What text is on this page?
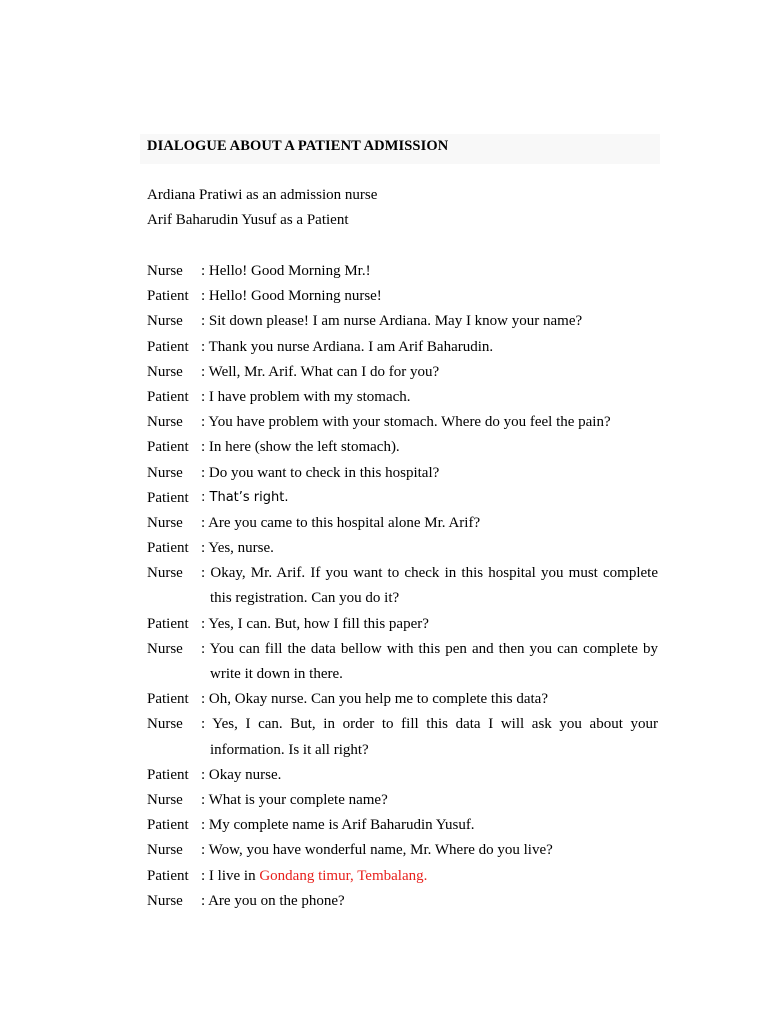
DIALOGUE ABOUT A PATIENT ADMISSION
Ardiana Pratiwi as an admission nurse
Arif Baharudin Yusuf as a Patient
Nurse : Hello! Good Morning Mr.!
Patient : Hello! Good Morning nurse!
Nurse : Sit down please! I am nurse Ardiana. May I know your name?
Patient : Thank you nurse Ardiana. I am Arif Baharudin.
Nurse : Well, Mr. Arif. What can I do for you?
Patient : I have problem with my stomach.
Nurse : You have problem with your stomach. Where do you feel the pain?
Patient : In here (show the left stomach).
Nurse : Do you want to check in this hospital?
Patient : That’s right.
Nurse : Are you came to this hospital alone Mr. Arif?
Patient : Yes, nurse.
Nurse : Okay, Mr. Arif. If you want to check in this hospital you must complete
this registration. Can you do it?
Patient : Yes, I can. But, how I fill this paper?
Nurse : You can fill the data bellow with this pen and then you can complete by
write it down in there.
Patient : Oh, Okay nurse. Can you help me to complete this data?
Nurse : Yes, I can. But, in order to fill this data I will ask you about your
information. Is it all right?
Patient : Okay nurse.
Nurse : What is your complete name?
Patient : My complete name is Arif Baharudin Yusuf.
Nurse : Wow, you have wonderful name, Mr. Where do you live?
Patient : I live in Gondang timur, Tembalang.
Nurse : Are you on the phone?
